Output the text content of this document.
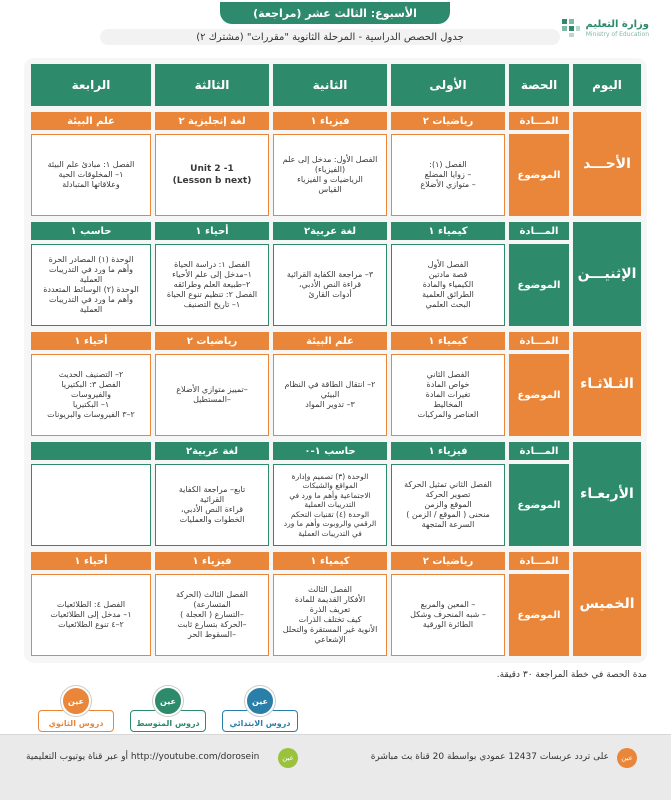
الأسبوع: الثالث عشر (مراجعة)
وزارة التعليم
Ministry of Education
جدول الحصص الدراسية - المرحلة الثانوية "مقررات" (مشترك ٢)
اليوم
الحصة
الأولى
الثانية
الثالثة
الرابعة
الأحـــد
المـــادة
الموضوع
رياضيات ٢
فيزياء ١
لغة إنجليزية ٢
علم البيئة
الفصل (١):
– زوايا المضلع
– متوازي الأضلاع
الفصل الأول: مدخل إلى علم
(الفيزياء)
الرياضيات و الفيزياء
القياس
Unit 2 -1
(Lesson b next)
الفصل ١: مبادئ علم البيئة
١– المخلوقات الحية
وعلاقاتها المتبادلة
الإثنيـــن
المـــادة
الموضوع
كيمياء ١
لغة عربية٢
أحياء ١
حاسب ١
الفصل الأول
قصة مادتين
الكيمياء والمادة
الطرائق العلمية
البحث العلمي
٣– مراجعة الكفاية القرائية
قراءة النص الأدبي،
أدوات القارئ
الفصل ١: دراسة الحياة
١–مدخل إلى علم الأحياء
٢–طبيعة العلم وطرائقه
الفصل ٢: تنظيم تنوع الحياة
١– تاريخ التصنيف
الوحدة (١) المصادر الحرة
وأهم ما ورد في التدريبات
العملية
الوحدة (٢) الوسائط المتعددة
وأهم ما ورد في التدريبات
العملية
الثـلاثـاء
المـــادة
الموضوع
كيمياء ١
علم البيئة
رياضيات ٢
أحياء ١
الفصل الثاني
خواص المادة
تغيرات المادة
المخاليط
العناصر والمركبات
٢– انتقال الطاقة في النظام
البيئي
٣– تدوير المواد
–تمييز متوازي الأضلاع
–المستطيل
٢– التصنيف الحديث
الفصل ٣: البكتيريا
والفيروسات
١– البكتيريا
٢–٣ الفيروسات والبريونات
الأربعـاء
المـــادة
الموضوع
فيزياء ١
حاسب ١-٠
لغة عربية٢
الفصل الثاني تمثيل الحركة
تصوير الحركة
الموقع والزمن
منحنى ( الموقع / الزمن )
السرعة المتجهة
الوحدة (٣) تصميم وإدارة
المواقع والشبكات
الاجتماعية وأهم ما ورد في
التدريبات العملية
الوحدة (٤) تقنيات التحكم
الرقمي والروبوت وأهم ما ورد
في التدريبات العملية
تابع– مراجعة الكفاية
القرائية
قراءة النص الأدبي،
الخطوات والعمليات
الخميس
المـــادة
الموضوع
رياضيات ٢
كيمياء ١
فيزياء ١
أحياء ١
– المعين والمربع
– شبه المنحرف وشكل
الطائرة الورقية
الفصل الثالث
الأفكار القديمة للمادة
تعريف الذرة
كيف تختلف الذرات
الأنوية غير المستقرة والتحلل
الإشعاعي
الفصل الثالث (الحركة
المتسارعة)
–التسارع ( العجلة )
–الحركة بتسارع ثابت
–السقوط الحر
الفصل ٤: الطلائعيات
١– مدخل إلى الطلائعيات
٢–٤ تنوع الطلائعيات
مدة الحصة في خطة المراجعة ٣٠ دقيقة.
عين
دروس الابتدائي
عين
دروس المتوسط
عين
دروس الثانوي
عين
على تردد عربسات 12437 عمودي بواسطة 20 قناة بث مباشرة
عين
http://youtube.com/dorosein أو عبر قناة يوتيوب التعليمية
